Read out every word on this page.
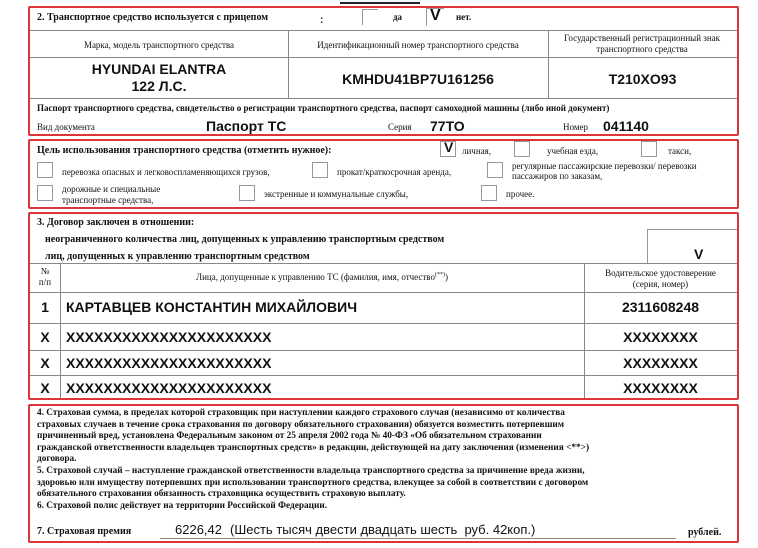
2. Транспортное средство используется с прицепом	:	да V нет.
Марка, модель транспортного средства	Идентификационный номер транспортного средства
Государственный регистрационный знак транспортного средства
HYUNDAI ELANTRA
122 Л.С.	KMHDU41BP7U161256	T210XO93
Паспорт транспортного средства, свидетельство о регистрации транспортного средства, паспорт самоходной машины (либо иной документ)
Вид документа	Паспорт ТС	Серия 77ТО	Номер 041140
Цель использования транспортного средства (отметить нужное):	V личная,	учебная езда,	такси,
перевозка опасных и легковоспламеняющихся грузов,	прокат/краткосрочная аренда,
регулярные пассажирские перевозки/ перевозки пассажиров по заказам,
дорожные и специальные
транспортные средства,
экстренные и коммунальные службы,	прочее.
3. Договор заключен в отношении:
неограниченного количества лиц, допущенных к управлению транспортным средством
лиц, допущенных к управлению транспортным средством	V
№
п/п	Лица, допущенные к управлению ТС (фамилия, имя, отчество(**))	Водительское удостоверение
(серия, номер)
1	КАРТАВЦЕВ КОНСТАНТИН МИХАЙЛОВИЧ	2311608248
X	XXXXXXXXXXXXXXXXXXXXXX	XXXXXXXX
X	XXXXXXXXXXXXXXXXXXXXXX	XXXXXXXX
X	XXXXXXXXXXXXXXXXXXXXXX	XXXXXXXX
4. Страховая сумма, в пределах которой страховщик при наступлении каждого страхового случая (независимо от количества
страховых случаев в течение срока страхования по договору обязательного страхования) обязуется возместить потерпевшим
причиненный вред, установлена Федеральным законом от 25 апреля 2002 года № 40-ФЗ «Об обязательном страховании
гражданской ответственности владельцев транспортных средств» в редакции, действующей на дату заключения (изменения <**>)
договора.
5. Страховой случай – наступление гражданской ответственности владельца транспортного средства за причинение вреда жизни,
здоровью или имуществу потерпевших при использовании транспортного средства, влекущее за собой в соответствии с договором
обязательного страхования обязанность страховщика осуществить страховую выплату.
6. Страховой полис действует на территории Российской Федерации.
7. Страховая премия	6226,42 (Шесть тысяч двести двадцать шесть  руб. 42коп.)	рублей.
